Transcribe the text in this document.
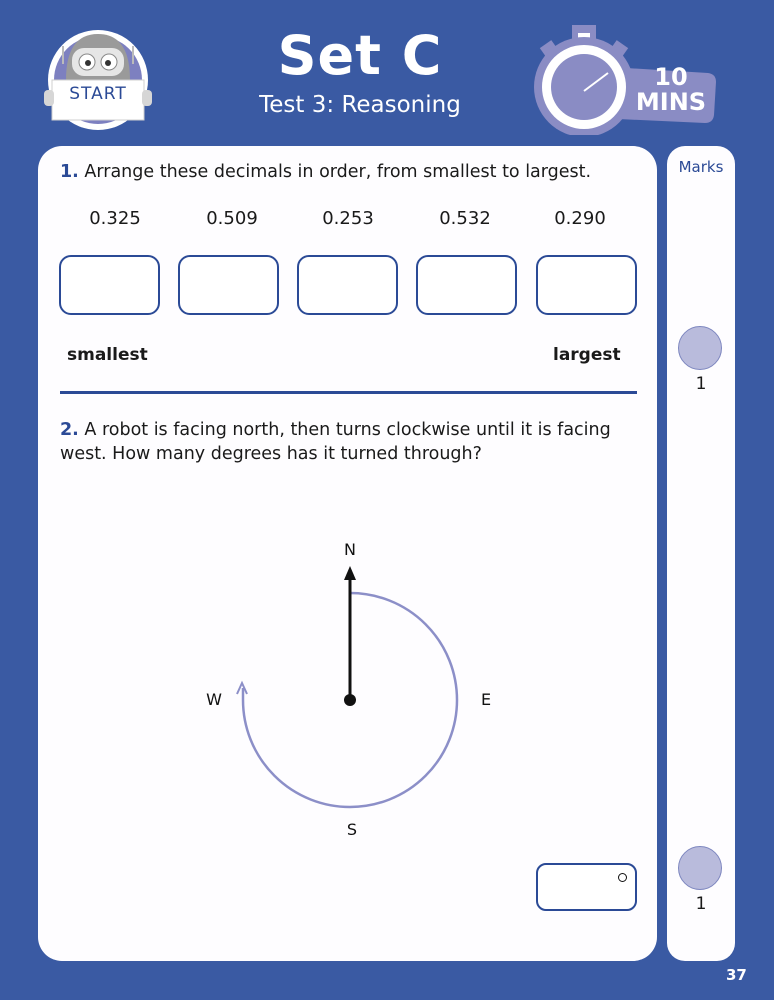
START
Set C
Test 3: Reasoning
10
MINS
Marks
1
1
1. Arrange these decimals in order, from smallest to largest.
0.325	0.509	0.253	0.532	0.290
smallest	largest
2. A robot is facing north, then turns clockwise until it is facing west. How many degrees has it turned through?
N
E
S
W
37
